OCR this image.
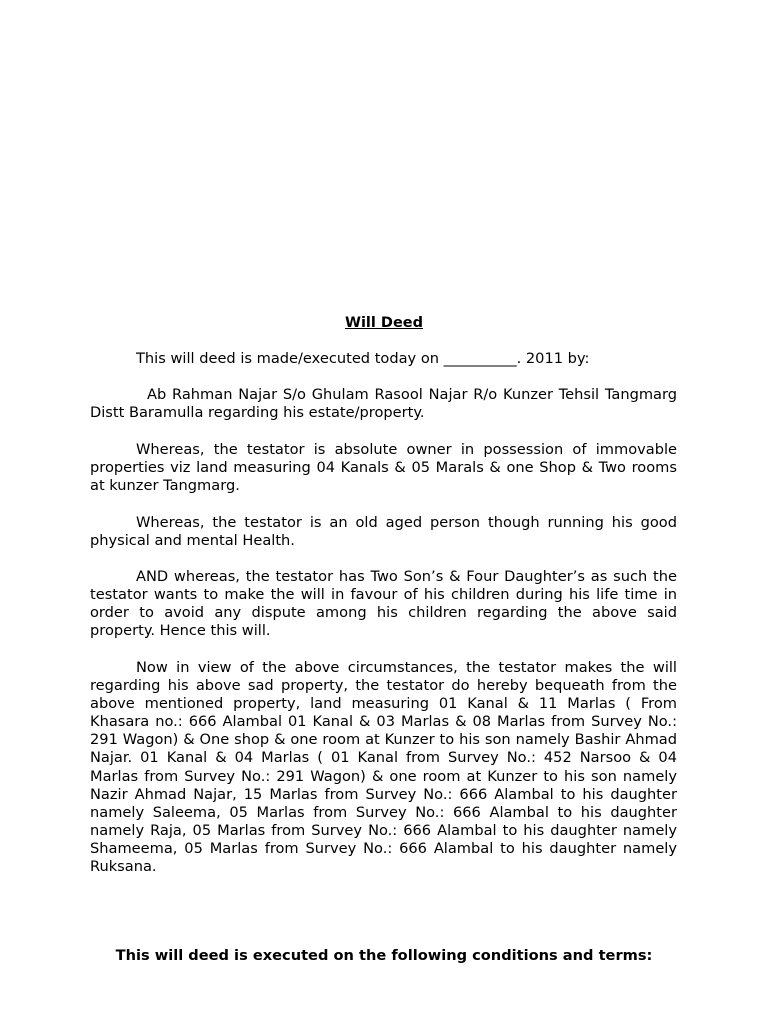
Will Deed

This will deed is made/executed today on __________. 2011 by:

Ab Rahman Najar S/o Ghulam Rasool Najar R/o Kunzer Tehsil Tangmarg Distt Baramulla regarding his estate/property.

Whereas, the testator is absolute owner in possession of immovable properties viz land measuring 04 Kanals & 05 Marals & one Shop & Two rooms at kunzer Tangmarg.

Whereas, the testator is an old aged person though running his good physical and mental Health.

AND whereas, the testator has Two Son’s & Four Daughter’s as such the testator wants to make the will in favour of his children during his life time in order to avoid any dispute among his children regarding the above said property. Hence this will.

Now in view of the above circumstances, the testator makes the will regarding his above sad property, the testator do hereby bequeath from the above mentioned property, land measuring 01 Kanal & 11 Marlas ( From Khasara no.: 666 Alambal 01 Kanal & 03 Marlas & 08 Marlas from Survey No.: 291 Wagon) & One shop & one room at Kunzer to his son namely Bashir Ahmad Najar. 01 Kanal & 04 Marlas ( 01 Kanal from Survey No.: 452 Narsoo & 04 Marlas from Survey No.: 291 Wagon) & one room at Kunzer to his son namely Nazir Ahmad Najar, 15 Marlas from Survey No.: 666 Alambal to his daughter namely Saleema, 05 Marlas from Survey No.: 666 Alambal to his daughter namely Raja, 05 Marlas from Survey No.: 666 Alambal to his daughter namely Shameema, 05 Marlas from Survey No.: 666 Alambal to his daughter namely Ruksana.

This will deed is executed on the following conditions and terms:
